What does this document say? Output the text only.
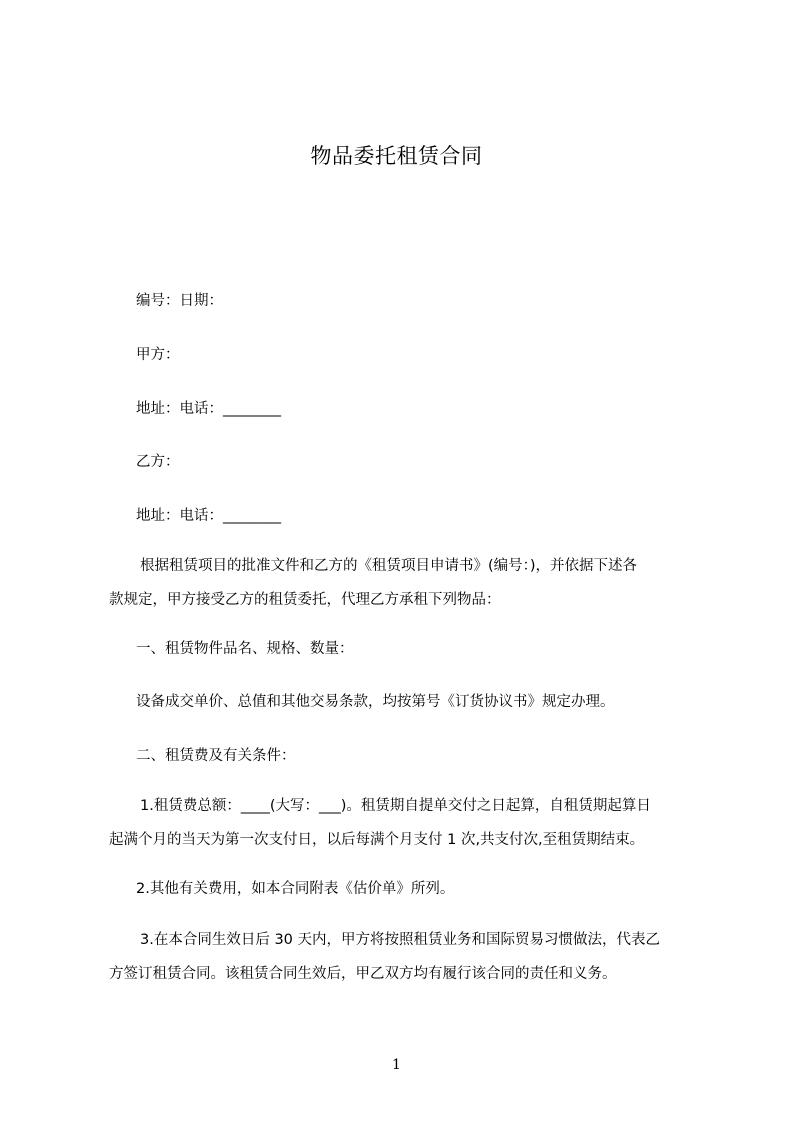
物品委托租赁合同
编号：日期：
甲方：
地址：电话：________
乙方：
地址：电话：________
根据租赁项目的批准文件和乙方的《租赁项目申请书》(编号：)，并依据下述各
款规定，甲方接受乙方的租赁委托，代理乙方承租下列物品：
一、租赁物件品名、规格、数量：
设备成交单价、总值和其他交易条款，均按第号《订货协议书》规定办理。
二、租赁费及有关条件：
1.租赁费总额：____(大写：___)。租赁期自提单交付之日起算，自租赁期起算日
起满个月的当天为第一次支付日，以后每满个月支付 1 次,共支付次,至租赁期结束。
2.其他有关费用，如本合同附表《估价单》所列。
3.在本合同生效日后 30 天内，甲方将按照租赁业务和国际贸易习惯做法，代表乙
方签订租赁合同。该租赁合同生效后，甲乙双方均有履行该合同的责任和义务。
1
